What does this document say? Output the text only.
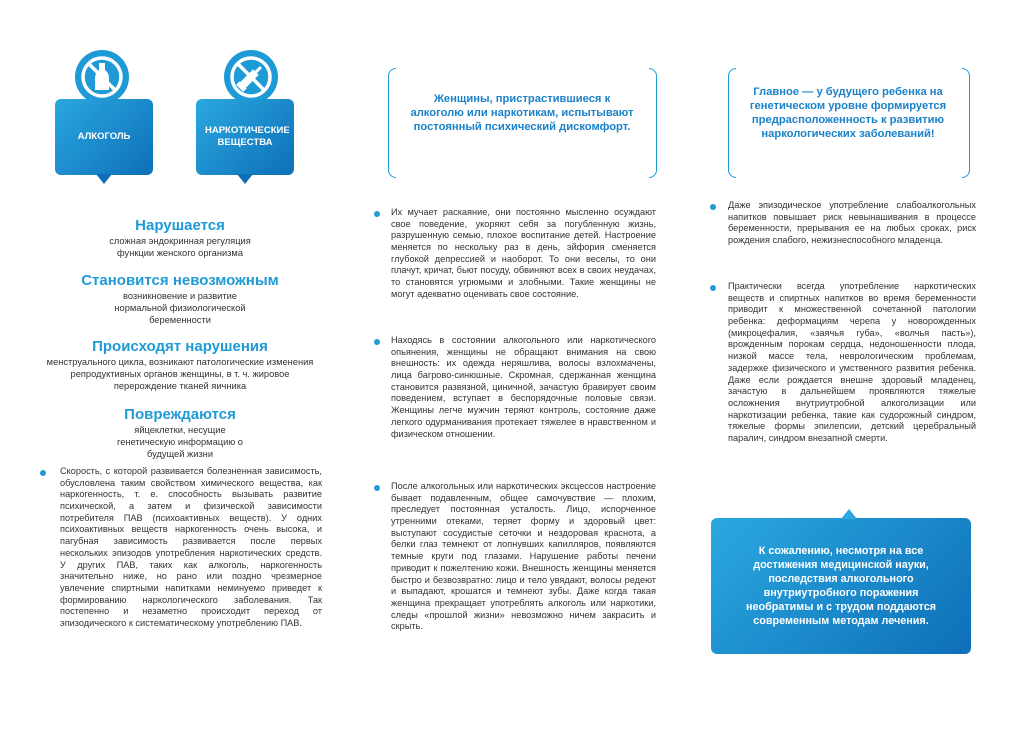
АЛКОГОЛЬ
НАРКОТИЧЕСКИЕ ВЕЩЕСТВА
Нарушается

сложная эндокринная регуляция функции женского организма

Становится невозможным

возникновение и развитие нормальной физиологической беременности

Происходят нарушения

менструального цикла, возникают патологические изменения репродуктивных органов женщины, в т. ч. жировое перерождение тканей яичника

Повреждаются

яйцеклетки, несущие генетическую информацию о будущей жизни

Скорость, с которой развивается болезненная зависимость, обусловлена таким свойством химического вещества, как наркогенность, т. е. способность вызывать развитие психической, а затем и физической зависимости потребителя ПАВ (психоактивных веществ). У одних психоактивных веществ наркогенность очень высока, и пагубная зависимость развивается после первых нескольких эпизодов употребления наркотических средств. У других ПАВ, таких как алкоголь, наркогенность значительно ниже, но рано или поздно чрезмерное увлечение спиртными напитками неминуемо приведет к формированию наркологического заболевания. Так постепенно и незаметно происходит переход от эпизодического к систематическому употреблению ПАВ.

Женщины, пристрастившиеся к алкоголю или наркотикам, испытывают постоянный психический дискомфорт.

Их мучает раскаяние, они постоянно мысленно осуждают свое поведение, укоряют себя за погубленную жизнь, разрушенную семью, плохое воспитание детей. Настроение меняется по нескольку раз в день, эйфория сменяется глубокой депрессией и наоборот. То они веселы, то они плачут, кричат, бьют посуду, обвиняют всех в своих неудачах, то становятся угрюмыми и злобными. Такие женщины не могут адекватно оценивать свое состояние.

Находясь в состоянии алкогольного или наркотического опьянения, женщины не обращают внимания на свою внешность: их одежда неряшлива, волосы взлохмачены, лица багрово-синюшные. Скромная, сдержанная женщина становится развязной, циничной, зачастую бравирует своим поведением, вступает в беспорядочные половые связи. Женщины легче мужчин теряют контроль, состояние даже легкого одурманивания протекает тяжелее в нравственном и физическом отношении.

После алкогольных или наркотических эксцессов настроение бывает подавленным, общее самочувствие — плохим, преследует постоянная усталость. Лицо, испорченное утренними отеками, теряет форму и здоровый цвет: выступают сосудистые сеточки и нездоровая краснота, а белки глаз темнеют от лопнувших капилляров, появляются темные круги под глазами. Нарушение работы печени приводит к пожелтению кожи. Внешность женщины меняется быстро и безвозвратно: лицо и тело увядают, волосы редеют и выпадают, крошатся и темнеют зубы. Даже когда такая женщина прекращает употреблять алкоголь или наркотики, следы «прошлой жизни» невозможно ничем закрасить и скрыть.

Главное — у будущего ребенка на генетическом уровне формируется предрасположенность к развитию наркологических заболеваний!

Даже эпизодическое употребление слабоалкогольных напитков повышает риск невынашивания в процессе беременности, прерывания ее на любых сроках, риск рождения слабого, нежизнеспособного младенца.

Практически всегда употребление наркотических веществ и спиртных напитков во время беременности приводит к множественной сочетанной патологии ребенка: деформациям черепа у новорожденных (микроцефалия, «заячья губа», «волчья пасть»), врожденным порокам сердца, недоношенности плода, низкой массе тела, неврологическим проблемам, задержке физического и умственного развития ребенка. Даже если рождается внешне здоровый младенец, зачастую в дальнейшем проявляются тяжелые осложнения внутриутробной алкоголизации или наркотизации ребенка, такие как судорожный синдром, тяжелые формы эпилепсии, детский церебральный паралич, синдром внезапной смерти.

К сожалению, несмотря на все достижения медицинской науки, последствия алкогольного внутриутробного поражения необратимы и с трудом поддаются современным методам лечения.
